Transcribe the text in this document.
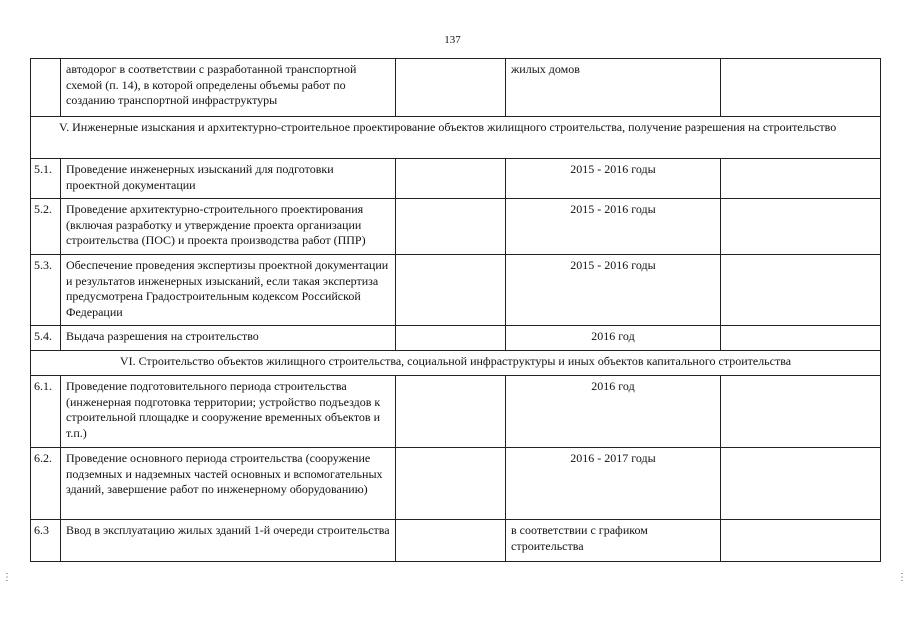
137
	автодорог в соответствии с разработанной транспортной схемой (п. 14), в которой определены объемы работ по созданию транспортной инфраструктуры		жилых домов	
V. Инженерные изыскания и архитектурно-строительное проектирование объектов жилищного строительства, получение разрешения на строительство				
5.1.	Проведение инженерных изысканий для подготовки проектной документации		2015 - 2016 годы	
5.2.	Проведение архитектурно-строительного проектирования (включая разработку и утверждение проекта организации строительства (ПОС) и проекта производства работ (ППР)		2015 - 2016 годы	
5.3.	Обеспечение проведения экспертизы проектной документации и результатов инженерных изысканий, если такая экспертиза предусмотрена Градостроительным кодексом Российской Федерации		2015 - 2016 годы	
5.4.	Выдача разрешения на строительство		2016 год	
VI. Строительство объектов жилищного строительства, социальной инфраструктуры и иных объектов капитального строительства				
6.1.	Проведение подготовительного периода строительства (инженерная подготовка территории; устройство подъездов к строительной площадке и сооружение временных объектов и т.п.)		2016 год	
6.2.	Проведение основного периода строительства (сооружение подземных и надземных частей основных и вспомогательных зданий, завершение работ по инженерному оборудованию)		2016 - 2017 годы	
6.3	Ввод в эксплуатацию жилых зданий 1-й очереди строительства		в соответствии с графиком строительства	
⋮	⋮
